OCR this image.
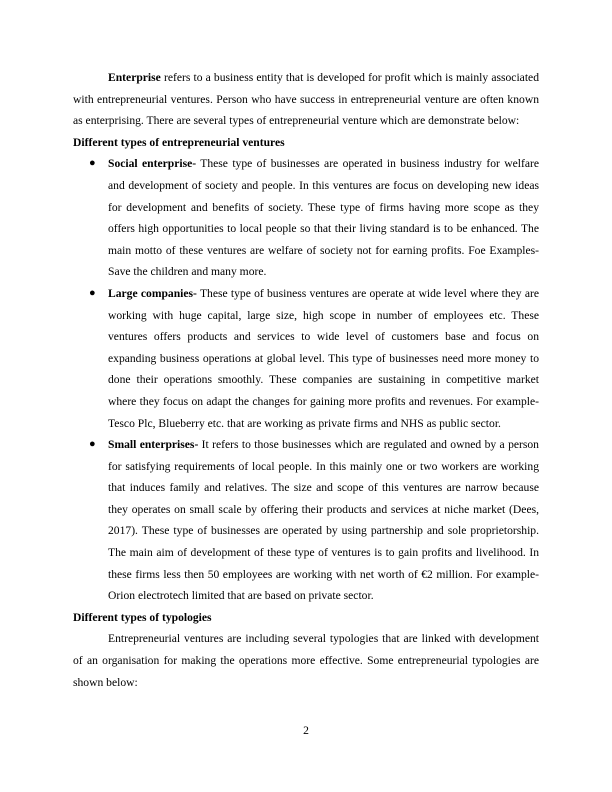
Enterprise refers to a business entity that is developed for profit which is mainly associated with entrepreneurial ventures. Person who have success in entrepreneurial venture are often known as enterprising. There are several types of entrepreneurial venture which are demonstrate below:

Different types of entrepreneurial ventures
● Social enterprise- These type of businesses are operated in business industry for welfare and development of society and people. In this ventures are focus on developing new ideas for development and benefits of society. These type of firms having more scope as they offers high opportunities to local people so that their living standard is to be enhanced. The main motto of these ventures are welfare of society not for earning profits. Foe Examples- Save the children and many more.
● Large companies- These type of business ventures are operate at wide level where they are working with huge capital, large size, high scope in number of employees etc. These ventures offers products and services to wide level of customers base and focus on expanding business operations at global level. This type of businesses need more money to done their operations smoothly. These companies are sustaining in competitive market where they focus on adapt the changes for gaining more profits and revenues. For example- Tesco Plc, Blueberry etc. that are working as private firms and NHS as public sector.
● Small enterprises- It refers to those businesses which are regulated and owned by a person for satisfying requirements of local people. In this mainly one or two workers are working that induces family and relatives. The size and scope of this ventures are narrow because they operates on small scale by offering their products and services at niche market (Dees, 2017). These type of businesses are operated by using partnership and sole proprietorship. The main aim of development of these type of ventures is to gain profits and livelihood. In these firms less then 50 employees are working with net worth of €2 million. For example- Orion electrotech limited that are based on private sector.
Different types of typologies

Entrepreneurial ventures are including several typologies that are linked with development of an organisation for making the operations more effective. Some entrepreneurial typologies are shown below:

2
